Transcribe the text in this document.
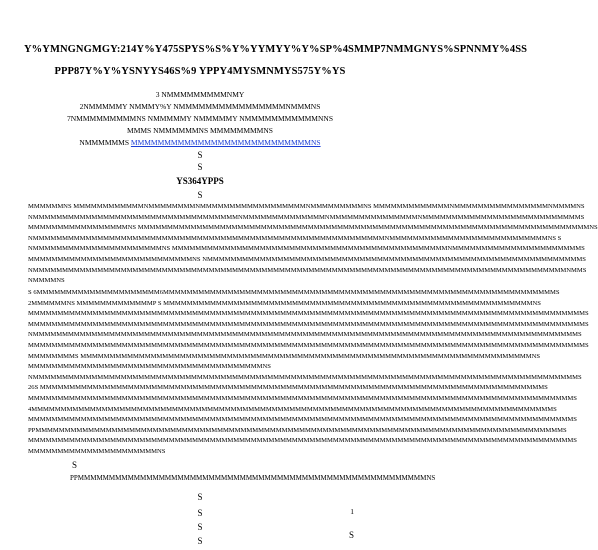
Y%YMNGNGMGY:214Y%Y475SPYS%S%Y%YYMYY%Y%SP%4SMMP7NMMGNYS%SPNNMY%4SS
PPP87Y%Y%YSNYYS46S%9 YPPY4MYSMNMYS575Y%YS
3 NMMMMMMMMMNMY
2NMMMMMY NMMMY%Y NMMMMMMMMMMMMMMMMNMMMNS
7NMMMMMMMMMNS NMMMMMY NMMMMMY NMMMMMMMMMMMNNS
MMMS NMMMMMMNS MMMMMMMMNS
NMMMMMMS MMMMMMMMMMMMMMMMMMMMMMMMMMMNS
S
S
YS364YPPS
S
MMMMMMNS MMMMMMMMMMMMNMMMMMMMMNMMMMMMMMMMMMMMMMMMNMMMMMMMMMNS MMMMMMMMMMMMMNMMMMMMMMMMMMMMMMNMMMMNS
NMMMMMMMMMMMMMMMMMMMMMMMMMMMMMMMMMMMNMMMMMMMMMMMMMMNMMMMMMMMMMMMMMMNMMMMMMMMMMMMMMMMMMMMMMMMMMMS
MMMMMMMMMMMMMMMMMNS MMMMMMMMMMMMMMMMMMMMMMMMMMMMMMMMMMMMMMMMMMMMMMMMMMMMMMMMMMMMMMMMMMMMMMMMMMMMMNS
NMMMMMMMMMMMMMMMMMMMMMMMMMMMMMMMMMMMMMMMMMMMMMMMMMMMMMMMMMMMMNMMMMMMMMMMMMMMMMMMMMMMMMMMMNS S
NMMMMMMMMMMMMMMMMMMMMMMNS MMMMMMMMMMMMMMMMMMMMMMMMMMMMMMMMMMMMMMMMMMMMMMMNMMMMMMMMMMMMMMMMMMMMMMS
MMMMMMMMMMMMMMMMMMMMMMMMMMMMNS NMMMMMMMMMMMMMMMMMMMMMMMMMMMMMMMMMMMMMMMMMMMMMMMMMMMMMMMMMMMMMMMMS
NMMMMMMMMMMMMMMMMMMMMMMMMMMMMMMMMMMMMMMMMMMMMMMMMMMMMMMMMMMMMMMMMMMMMMMMMMMMMMMMMMMMMMMMMMMMNMMS
NMMMMNS
S 6MMMMMMMMMMMMMMMMMMMMM6MMMMMMMMMMMMMMMMMMMMMMMMMMMMMMMMMMMMMMMMMMMMMMMMMMMMMMMMMMMMMMMMMMMS
2MMMMMMNS MMMMMMMMMMMMMP S MMMMMMMMMMMMMMMMMMMMMMMMMMMMMMMMMMMMMMMMMMMMMMMMMMMMMMMMMMMMMMMNS
MMMMMMMMMMMMMMMMMMMMMMMMMMMMMMMMMMMMMMMMMMMMMMMMMMMMMMMMMMMMMMMMMMMMMMMMMMMMMMMMMMMMMMMMMMMMMMMS
MMMMMMMMMMMMMMMMMMMMMMMMMMMMMMMMMMMMMMMMMMMMMMMMMMMMMMMMMMMMMMMMMMMMMMMMMMMMMMMMMMMMMMMMMMMMMMMS
NMMMMMMMMMMMMMMMMMMMMMMMMMMMMMMMMMMMMMMMMMMMMMMMMMMMMMMMMMMMMMMMMMMMMMMMMMMMMMMMMMMMMMMMMMMMMMS
MMMMMMMMMMMMMMMMMMMMMMMMMMMMMMMMMMMMMMMMMMMMMMMMMMMMMMMMMMMMMMMMMMMMMMMMMMMMMMMMMMMMMMMMMMMMMMMS
MMMMMMMMS MMMMMMMMMMMMMMMMMMMMMMMMMMMMMMMMMMMMMMMMMMMMMMMMMMMMMMMMMMMMMMMMMMMMMMMMMMMMMNS
MMMMMMMMMMMMMMMMMMMMMMMMMMMMMMMMMMMMMMMMNS
NMMMMMMMMMMMMMMMMMMMMMMMMMMMMMMMMMMMMMMMMMMMMMMMMMMMMMMMMMMMMMMMMMMMMMMMMMMMMMMMMMMMMMMMMMMMMMS
26S MMMMMMMMMMMMMMMMMMMMMMMMMMMMMMMMMMMMMMMMMMMMMMMMMMMMMMMMMMMMMMMMMMMMMMMMMMMMMMMMMMMMMMS
MMMMMMMMMMMMMMMMMMMMMMMMMMMMMMMMMMMMMMMMMMMMMMMMMMMMMMMMMMMMMMMMMMMMMMMMMMMMMMMMMMMMMMMMMMMMMS
4MMMMMMMMMMMMMMMMMMMMMMMMMMMMMMMMMMMMMMMMMMMMMMMMMMMMMMMMMMMMMMMMMMMMMMMMMMMMMMMMMMMMMMMMMS
MMMMMMMMMMMMMMMMMMMMMMMMMMMMMMMMMMMMMMMMMMMMMMMMMMMMMMMMMMMMMMMMMMMMMMMMMMMMMMMMMMMMMMMMMMMMMS
PPMMMMMMMMMMMMMMMMMMMMMMMMMMMMMMMMMMMMMMMMMMMMMMMMMMMMMMMMMMMMMMMMMMMMMMMMMMMMMMMMMMMMMMMMMMS
MMMMMMMMMMMMMMMMMMMMMMMMMMMMMMMMMMMMMMMMMMMMMMMMMMMMMMMMMMMMMMMMMMMMMMMMMMMMMMMMMMMMMMMMMMMMMS
MMMMMMMMMMMMMMMMMMMMMMNS
S
PPMMMMMMMMMMMMMMMMMMMMMMMMMMMMMMMMMMMMMMMMMMMMMMMMMMMMMMMMNS
S
S
S
S
1
S
